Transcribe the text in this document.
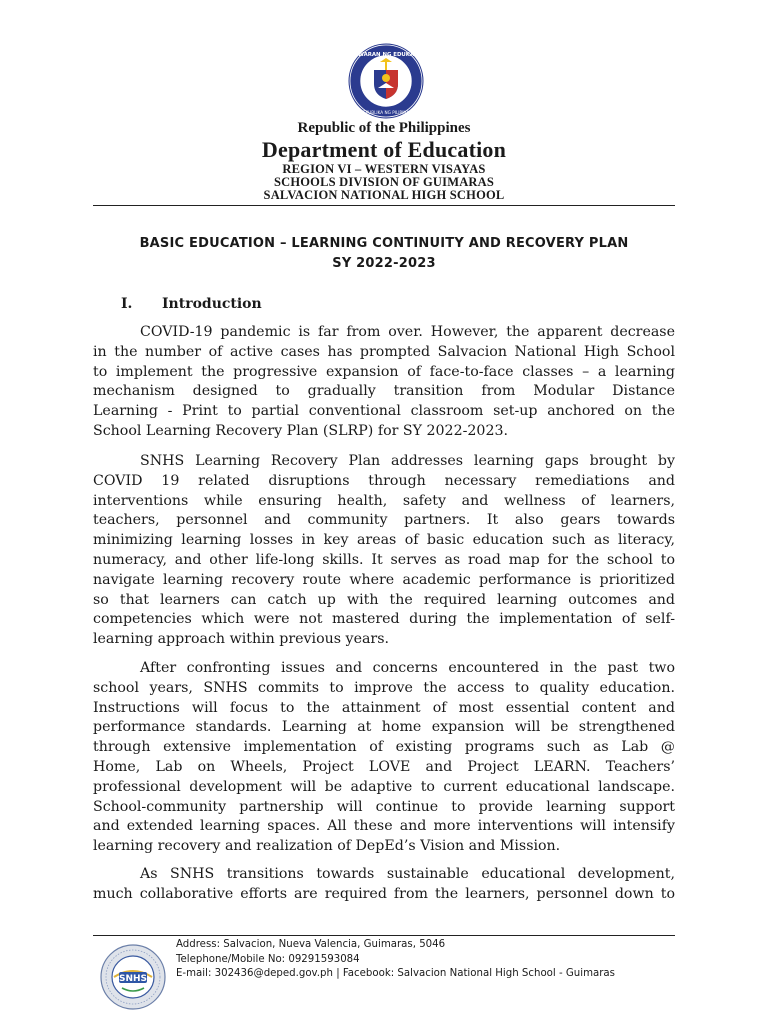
KAGAWARAN NG EDUKASYON
REPUBLIKA NG PILIPINAS
Republic of the Philippines
Department of Education
REGION VI – WESTERN VISAYAS
SCHOOLS DIVISION OF GUIMARAS
SALVACION NATIONAL HIGH SCHOOL
BASIC EDUCATION – LEARNING CONTINUITY AND RECOVERY PLAN
SY 2022-2023
I. Introduction
COVID-19 pandemic is far from over. However, the apparent decrease
in the number of active cases has prompted Salvacion National High School
to implement the progressive expansion of face-to-face classes – a learning
mechanism designed to gradually transition from Modular Distance
Learning - Print to partial conventional classroom set-up anchored on the
School Learning Recovery Plan (SLRP) for SY 2022-2023.
SNHS Learning Recovery Plan addresses learning gaps brought by
COVID 19 related disruptions through necessary remediations and
interventions while ensuring health, safety and wellness of learners,
teachers, personnel and community partners. It also gears towards
minimizing learning losses in key areas of basic education such as literacy,
numeracy, and other life-long skills. It serves as road map for the school to
navigate learning recovery route where academic performance is prioritized
so that learners can catch up with the required learning outcomes and
competencies which were not mastered during the implementation of self-
learning approach within previous years.
After confronting issues and concerns encountered in the past two
school years, SNHS commits to improve the access to quality education.
Instructions will focus to the attainment of most essential content and
performance standards. Learning at home expansion will be strengthened
through extensive implementation of existing programs such as Lab @
Home, Lab on Wheels, Project LOVE and Project LEARN. Teachers’
professional development will be adaptive to current educational landscape.
School-community partnership will continue to provide learning support
and extended learning spaces. All these and more interventions will intensify
learning recovery and realization of DepEd’s Vision and Mission.
As SNHS transitions towards sustainable educational development,
much collaborative efforts are required from the learners, personnel down to
SNHS
Address: Salvacion, Nueva Valencia, Guimaras, 5046
Telephone/Mobile No: 09291593084
E-mail: 302436@deped.gov.ph | Facebook: Salvacion National High School - Guimaras
